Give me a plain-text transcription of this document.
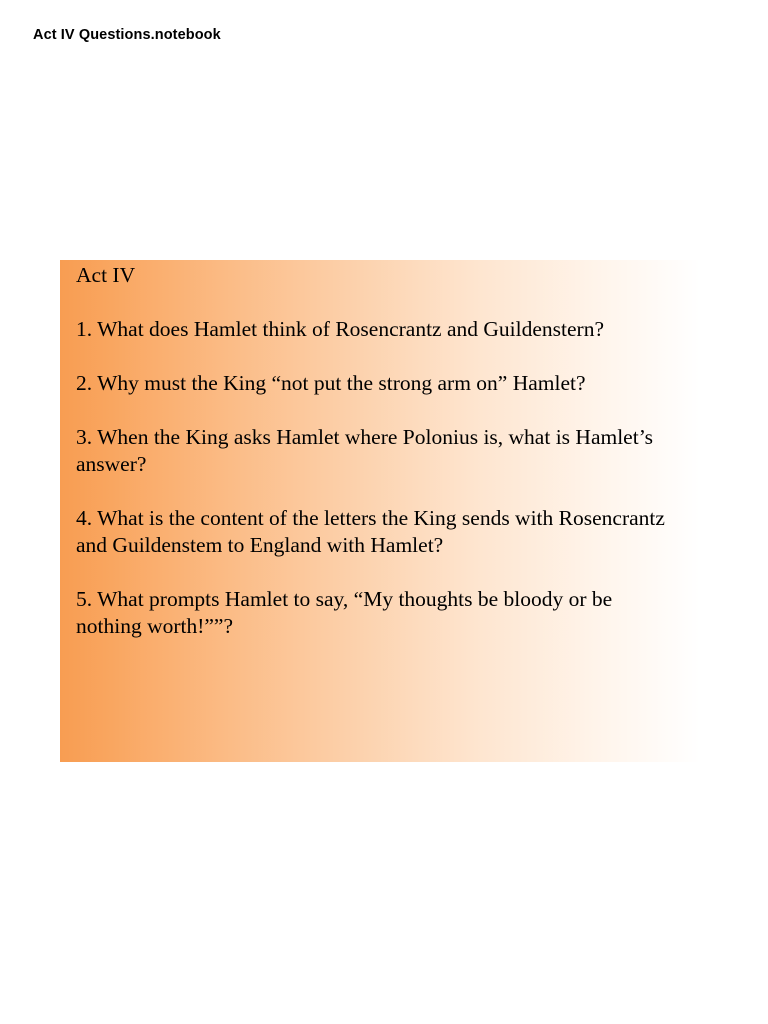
Act IV Questions.notebook
Act IV
1. What does Hamlet think of Rosencrantz and Guildenstern?
2. Why must the King “not put the strong arm on” Hamlet?
3. When the King asks Hamlet where Polonius is, what is Hamlet’s answer?
4. What is the content of the letters the King sends with Rosencrantz and Guildenstem to England with Hamlet?
5. What prompts Hamlet to say, “My thoughts be bloody or be nothing worth!””?
